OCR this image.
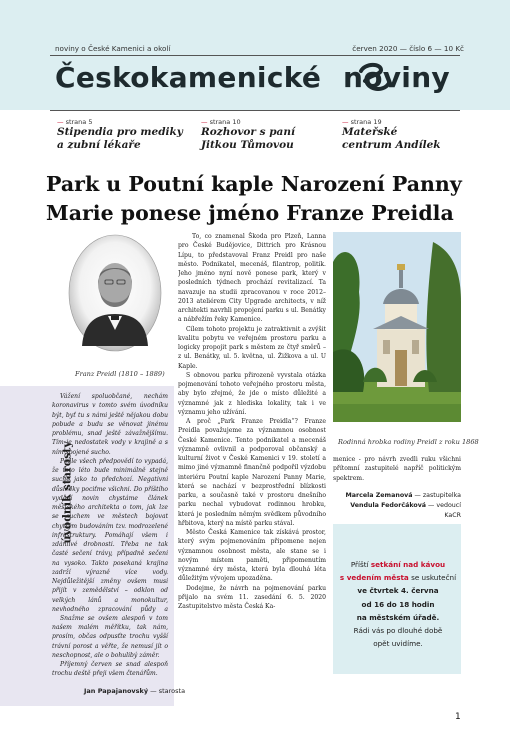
noviny o České Kamenici a okolí	červen 2020 — číslo 6 — 10 Kč
Českokamenické noviny
— strana 5
Stipendia pro mediky
a zubní lékaře
— strana 10
Rozhovor s paní
Jitkou Tůmovou
— strana 19
Mateřské
centrum Andílek
Park u Poutní kaple Narození Panny
Marie ponese jméno Franze Preidla
Franz Preidl (1810 – 1889)
úvodník starosty

Vážení spoluobčané, nechám koronavirus v tomto svém úvodníku být, byť tu s námi ještě nějakou dobu pobude a budu se věnovat jinému problému, snad ještě závažnějšímu. Tím je nedostatek vody v krajině a s ním spojené sucho.

Podle všech předpovědí to vypadá, že toto léto bude minimálně stejně suché jako to předchozí. Negativní důsledky pociťme všichni. Do příštího vydání novin chystáme článek městského architekta o tom, jak lze se suchem ve městech bojovat chytrým budováním tzv. modrozelené infrastruktury. Pomáhají všem i zdánlivé drobnosti. Třeba ne tak časté sečení trávy, případně sečení na vysoko. Takto posekaná krajina zadrží výrazně více vody. Nejdůležitější změny ovšem musí přijít v zemědělství – odklon od velkých lánů a monokultur, nevhodného zpracování půdy a

Snažme se ovšem alespoň v tom našem malém měřítku, tak nám, prosím, občas odpusťte trochu vyšší trávní porost a věřte, že nemusí jít o neschopnost, ale o bohulibý záměr.

Příjemný červen se snad alespoň trochu deště přeji všem čtenářům.

Jan Papajanovský — starosta

To, co znamenal Škoda pro Plzeň, Lanna pro České Budějovice, Dittrich pro Krásnou Lípu, to představoval Franz Preidl pro naše město. Podnikatel, mecenáš, filantrop, politik. Jeho jméno nyní nově ponese park, který v posledních týdnech prochází revitalizací. Ta navazuje na studii zpracovanou v roce 2012–2013 ateliérem City Upgrade architects, v níž architekti navrhli propojení parku s ul. Benátky a nábřežím řeky Kamenice.

Cílem tohoto projektu je zatraktivnit a zvýšit kvalitu pobytu ve veřejném prostoru parku a logicky propojit park s městem ze čtyř směrů – z ul. Benátky, ul. 5. května, ul. Žižkova a ul. U Kaple.

S obnovou parku přirozeně vyvstala otázka pojmenování tohoto veřejného prostoru města, aby bylo zřejmé, že jde o místo důležité a významné jak z hlediska lokality, tak i ve významu jeho užívání.

A proč „Park Franze Preidla“? Franze Preidla považujeme za významnou osobnost České Kamenice. Tento podnikatel a mecenáš významně ovlivnil a podporoval občanský a kulturní život v České Kamenici v 19. století a mimo jiné významně finančně podpořil výzdobu interiéru Poutní kaple Narození Panny Marie, která se nachází v bezprostřední blízkosti parku, a současně také v prostoru dnešního parku nechal vybudovat rodinnou hrobku, která je posledním němým svědkem původního hřbitova, který na místě parku stával.

Město Česká Kamenice tak získává prostor, který svým pojmenováním připomene nejen významnou osobnost města, ale stane se i novým místem paměti, připomenutím významné éry města, která byla dlouhá léta důležitým vývojem upozaděna.

Dodejme, že návrh na pojmenování parku přijalo na svém 11. zasedání 6. 5. 2020 Zastupitelstvo města Česká Ka-

Rodinná hrobka rodiny Preidl z roku 1868

menice - pro návrh zvedli ruku všichni přítomní zastupitelé napříč politickým spektrem.

Marcela Zemanová — zastupitelka
Vendula Fedorčáková — vedoucí KaCR
Příští setkání nad kávou
s vedením města se uskuteční
ve čtvrtek 4. června
od 16 do 18 hodin
na městském úřadě.
Rádi vás po dlouhé době
opět uvidíme.
1
